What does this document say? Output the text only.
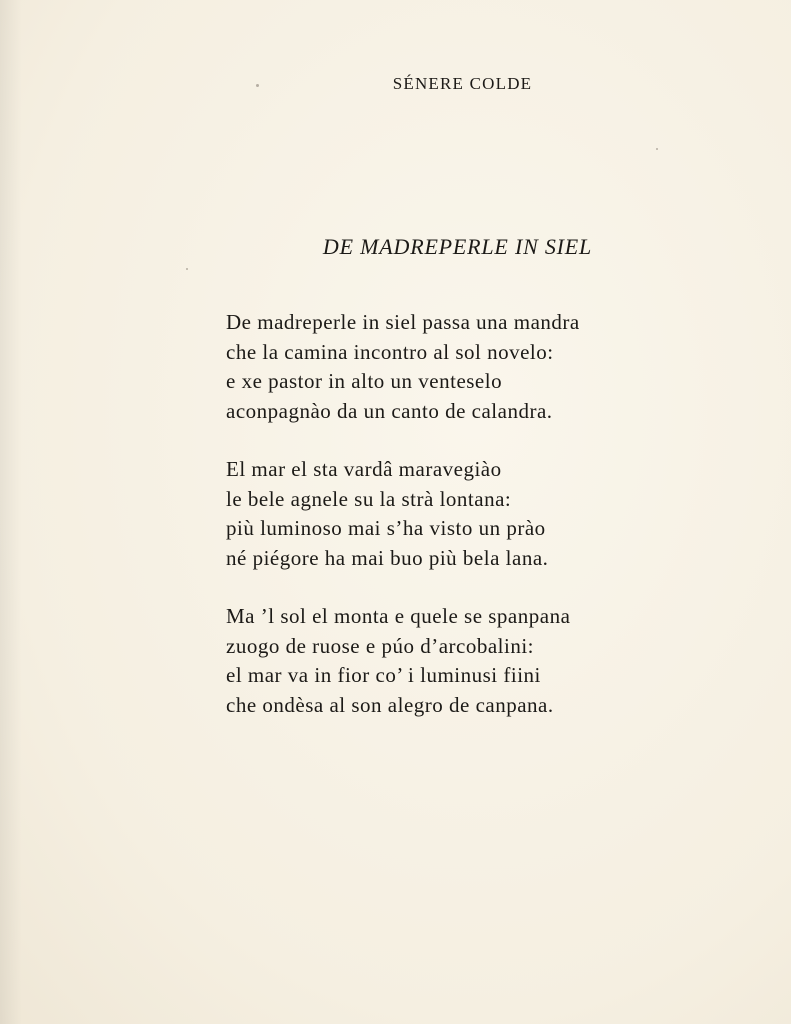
SÉNERE COLDE
DE MADREPERLE IN SIEL
De madreperle in siel passa una mandra
che la camina incontro al sol novelo:
e xe pastor in alto un venteselo
aconpagnào da un canto de calandra.
El mar el sta vardâ maravegiào
le bele agnele su la strà lontana:
più luminoso mai s’ha visto un prào
né piégore ha mai buo più bela lana.
Ma ’l sol el monta e quele se spanpana
zuogo de ruose e púo d’arcobalini:
el mar va in fior co’ i luminusi fiini
che ondèsa al son alegro de canpana.
